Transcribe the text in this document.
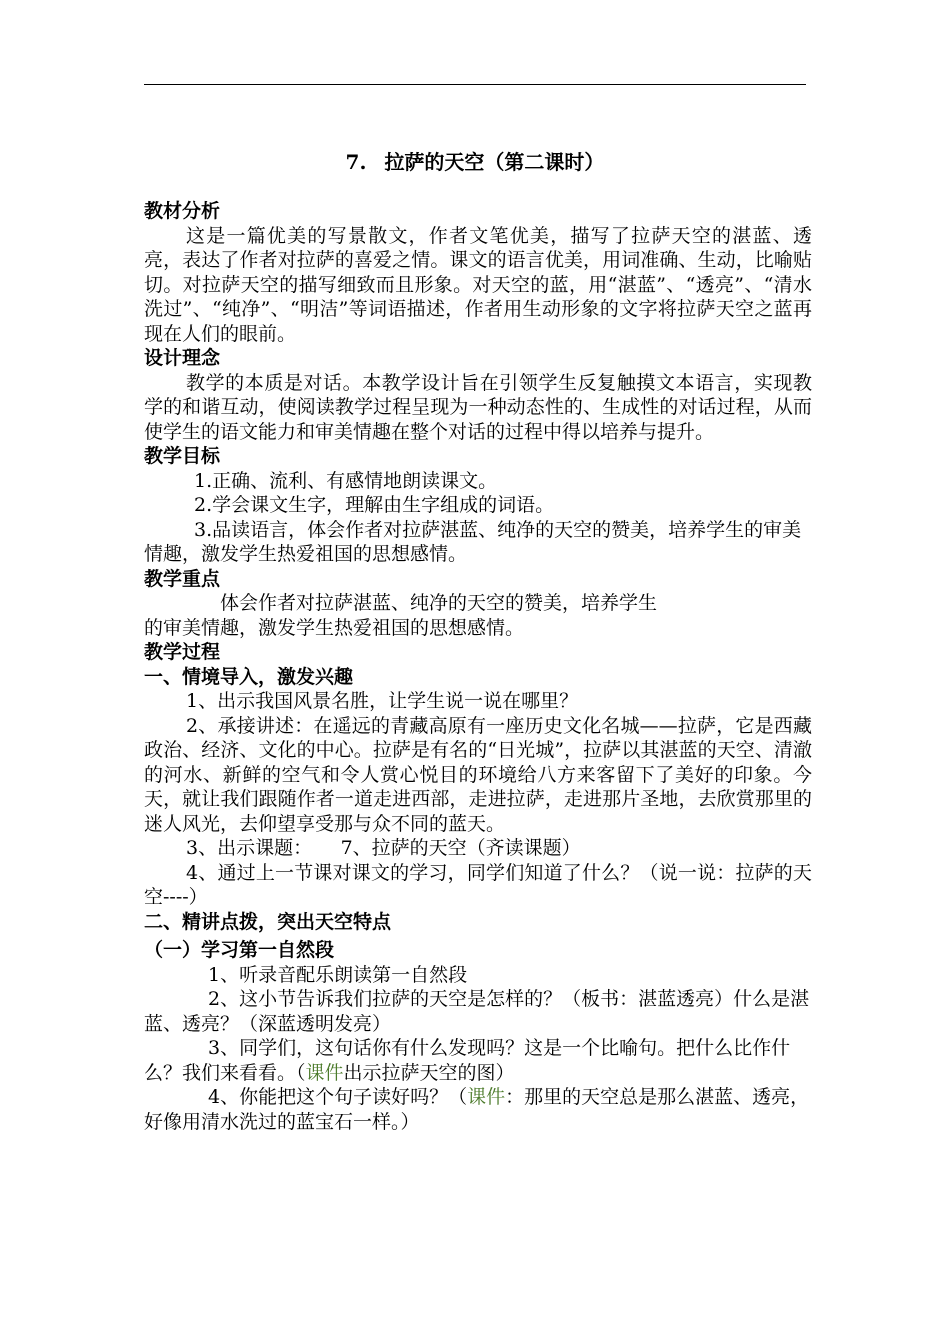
7. 拉萨的天空（第二课时）

教材分析

这是一篇优美的写景散文，作者文笔优美，描写了拉萨天空的湛蓝、透亮，表达了作者对拉萨的喜爱之情。课文的语言优美，用词准确、生动，比喻贴切。对拉萨天空的描写细致而且形象。对天空的蓝，用“湛蓝”、“透亮”、“清水洗过”、“纯净”、“明洁”等词语描述，作者用生动形象的文字将拉萨天空之蓝再现在人们的眼前。

设计理念

教学的本质是对话。本教学设计旨在引领学生反复触摸文本语言，实现教学的和谐互动，使阅读教学过程呈现为一种动态性的、生成性的对话过程，从而使学生的语文能力和审美情趣在整个对话的过程中得以培养与提升。

教学目标

1.正确、流利、有感情地朗读课文。

2.学会课文生字，理解由生字组成的词语。

3.品读语言，体会作者对拉萨湛蓝、纯净的天空的赞美，培养学生的审美情趣，激发学生热爱祖国的思想感情。

教学重点

体会作者对拉萨湛蓝、纯净的天空的赞美，培养学生

的审美情趣，激发学生热爱祖国的思想感情。

教学过程

一、情境导入，激发兴趣

1、出示我国风景名胜，让学生说一说在哪里？

2、承接讲述：在遥远的青藏高原有一座历史文化名城——拉萨，它是西藏政治、经济、文化的中心。拉萨是有名的“日光城”，拉萨以其湛蓝的天空、清澈的河水、新鲜的空气和令人赏心悦目的环境给八方来客留下了美好的印象。今天，就让我们跟随作者一道走进西部，走进拉萨，走进那片圣地，去欣赏那里的迷人风光，去仰望享受那与众不同的蓝天。

3、出示课题：　　7、拉萨的天空（齐读课题）

4、通过上一节课对课文的学习，同学们知道了什么？（说一说：拉萨的天空----）

二、精讲点拨，突出天空特点

（一）学习第一自然段

1、听录音配乐朗读第一自然段

2、这小节告诉我们拉萨的天空是怎样的？（板书：湛蓝透亮）什么是湛蓝、透亮？（深蓝透明发亮）

3、同学们，这句话你有什么发现吗？这是一个比喻句。把什么比作什么？我们来看看。（课件出示拉萨天空的图）

4、你能把这个句子读好吗？（课件：那里的天空总是那么湛蓝、透亮，好像用清水洗过的蓝宝石一样。）
